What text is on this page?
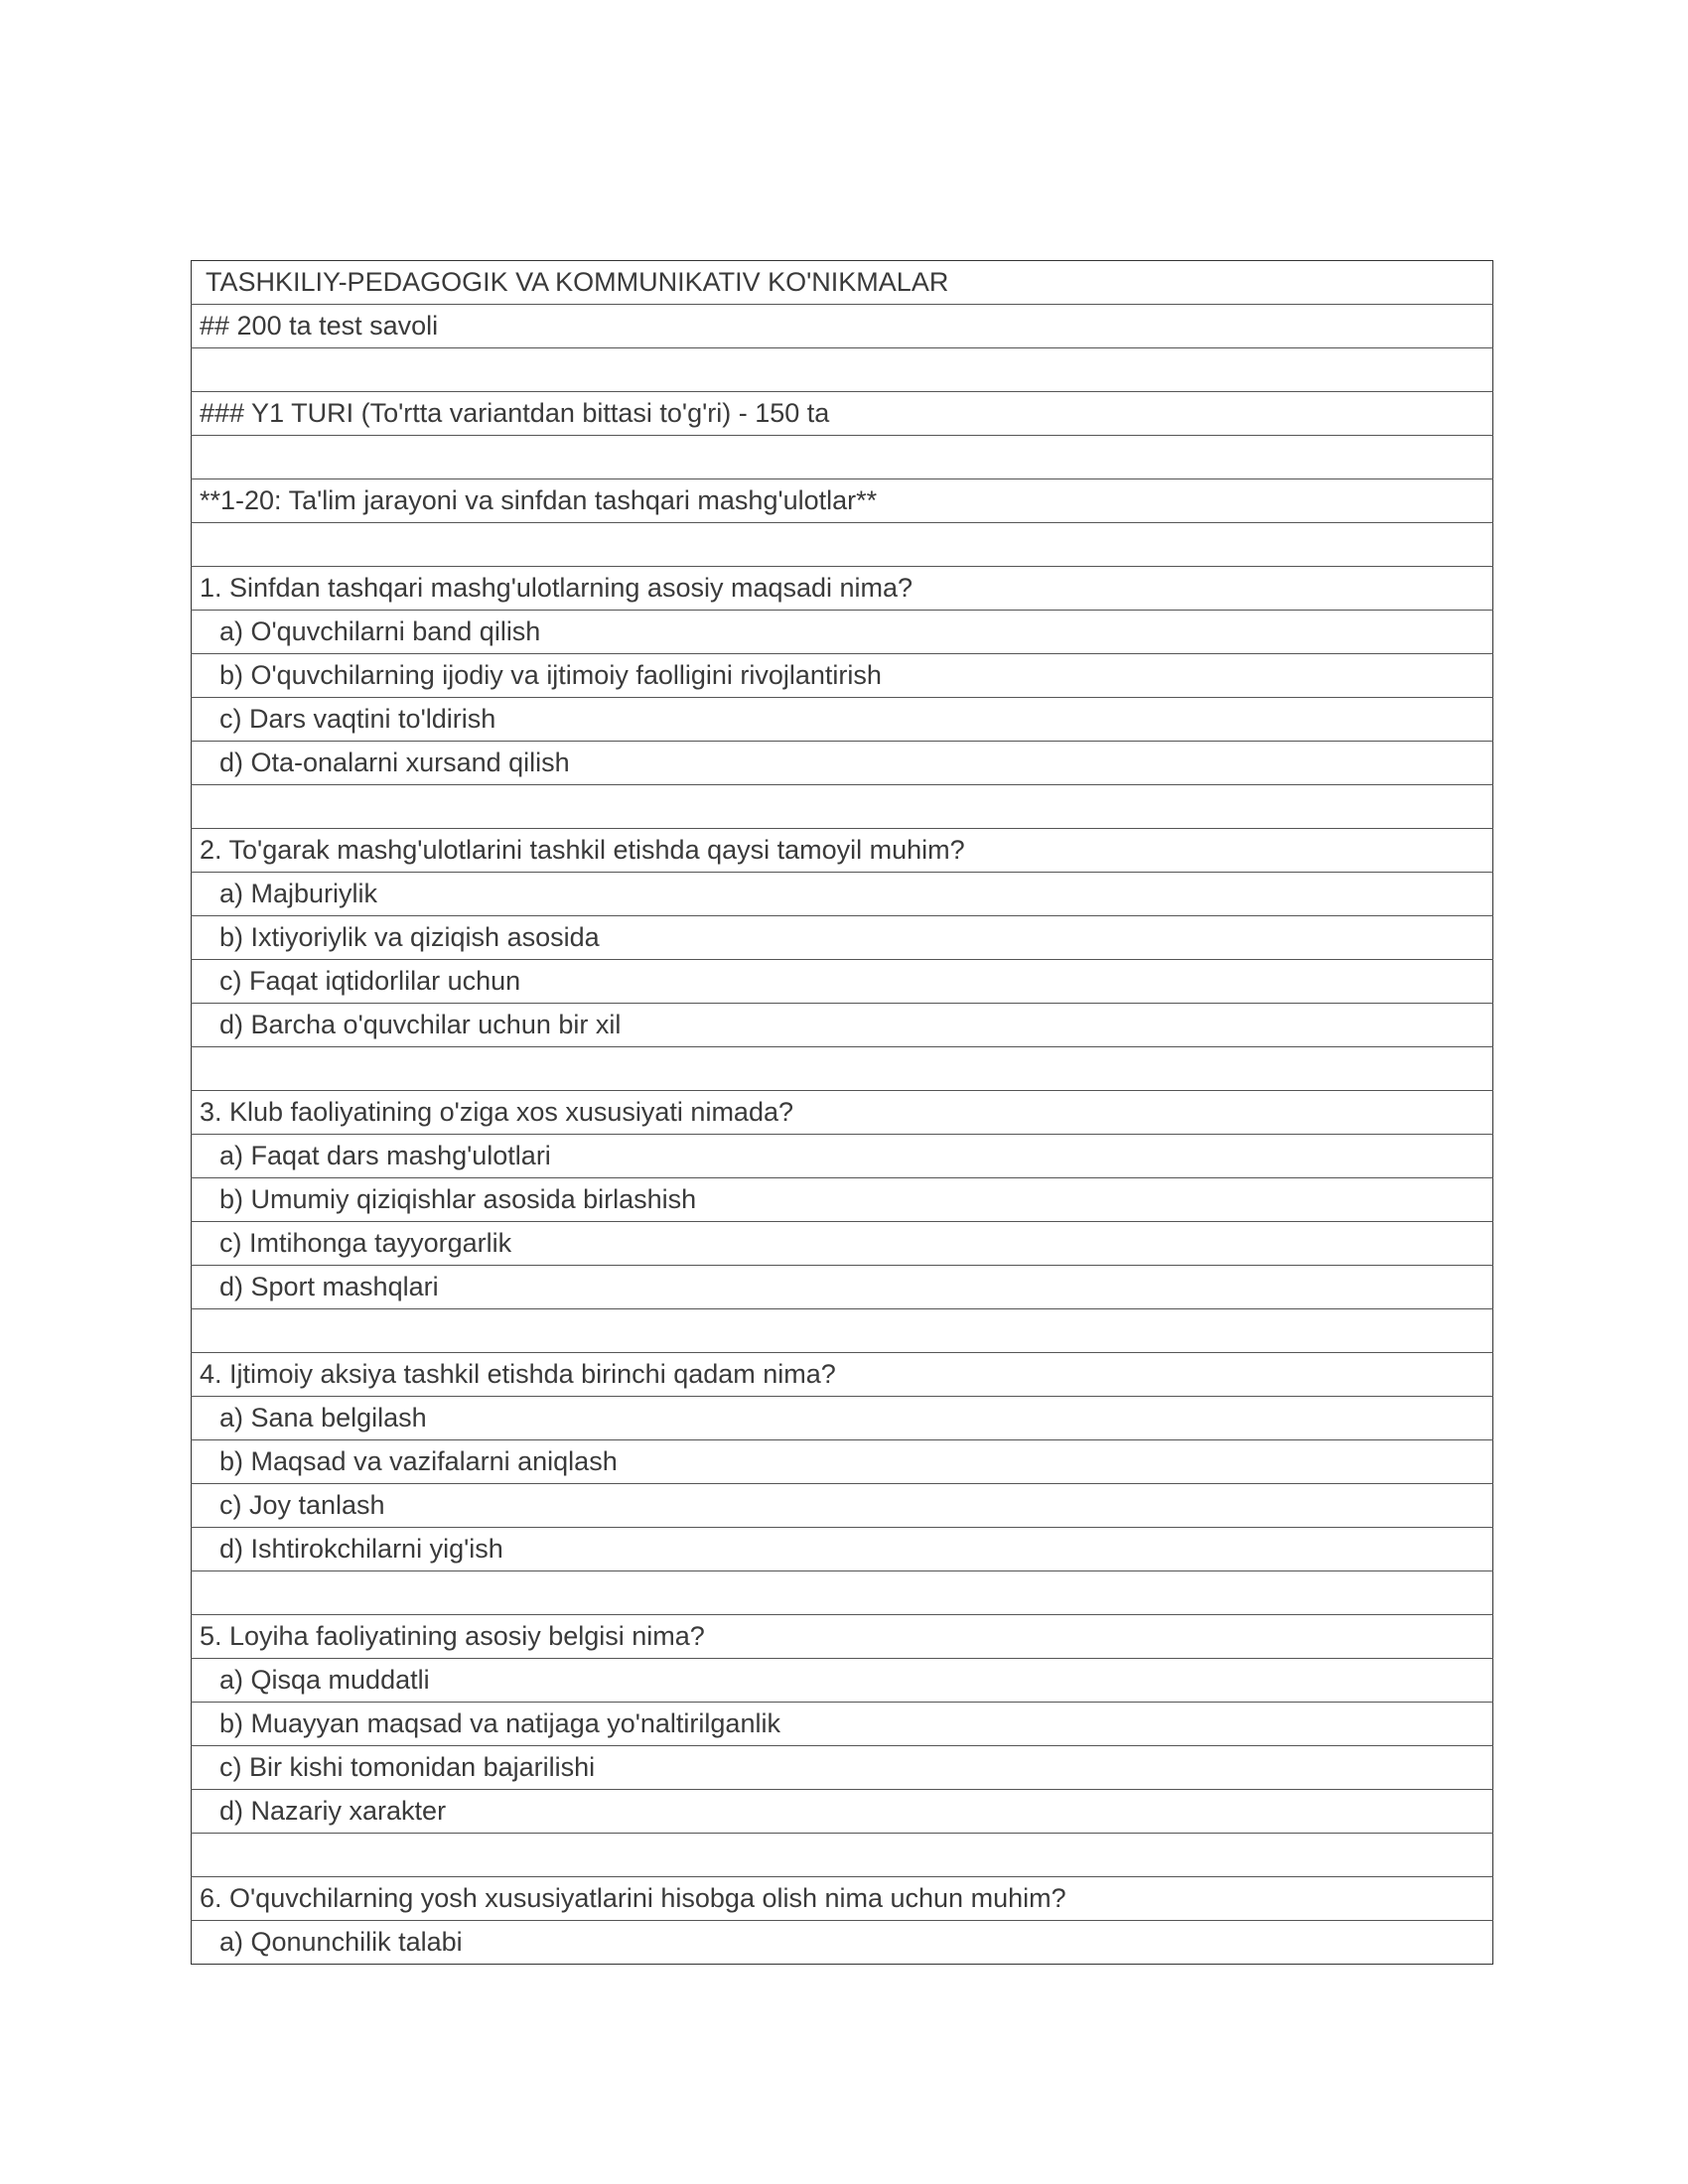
TASHKILIY-PEDAGOGIK VA KOMMUNIKATIV KO'NIKMALAR
## 200 ta test savoli

### Y1 TURI (To'rtta variantdan bittasi to'g'ri) - 150 ta

**1-20: Ta'lim jarayoni va sinfdan tashqari mashg'ulotlar**

1. Sinfdan tashqari mashg'ulotlarning asosiy maqsadi nima?
a) O'quvchilarni band qilish
b) O'quvchilarning ijodiy va ijtimoiy faolligini rivojlantirish
c) Dars vaqtini to'ldirish
d) Ota-onalarni xursand qilish

2. To'garak mashg'ulotlarini tashkil etishda qaysi tamoyil muhim?
a) Majburiylik
b) Ixtiyoriylik va qiziqish asosida
c) Faqat iqtidorlilar uchun
d) Barcha o'quvchilar uchun bir xil

3. Klub faoliyatining o'ziga xos xususiyati nimada?
a) Faqat dars mashg'ulotlari
b) Umumiy qiziqishlar asosida birlashish
c) Imtihonga tayyorgarlik
d) Sport mashqlari

4. Ijtimoiy aksiya tashkil etishda birinchi qadam nima?
a) Sana belgilash
b) Maqsad va vazifalarni aniqlash
c) Joy tanlash
d) Ishtirokchilarni yig'ish

5. Loyiha faoliyatining asosiy belgisi nima?
a) Qisqa muddatli
b) Muayyan maqsad va natijaga yo'naltirilganlik
c) Bir kishi tomonidan bajarilishi
d) Nazariy xarakter

6. O'quvchilarning yosh xususiyatlarini hisobga olish nima uchun muhim?
a) Qonunchilik talabi
